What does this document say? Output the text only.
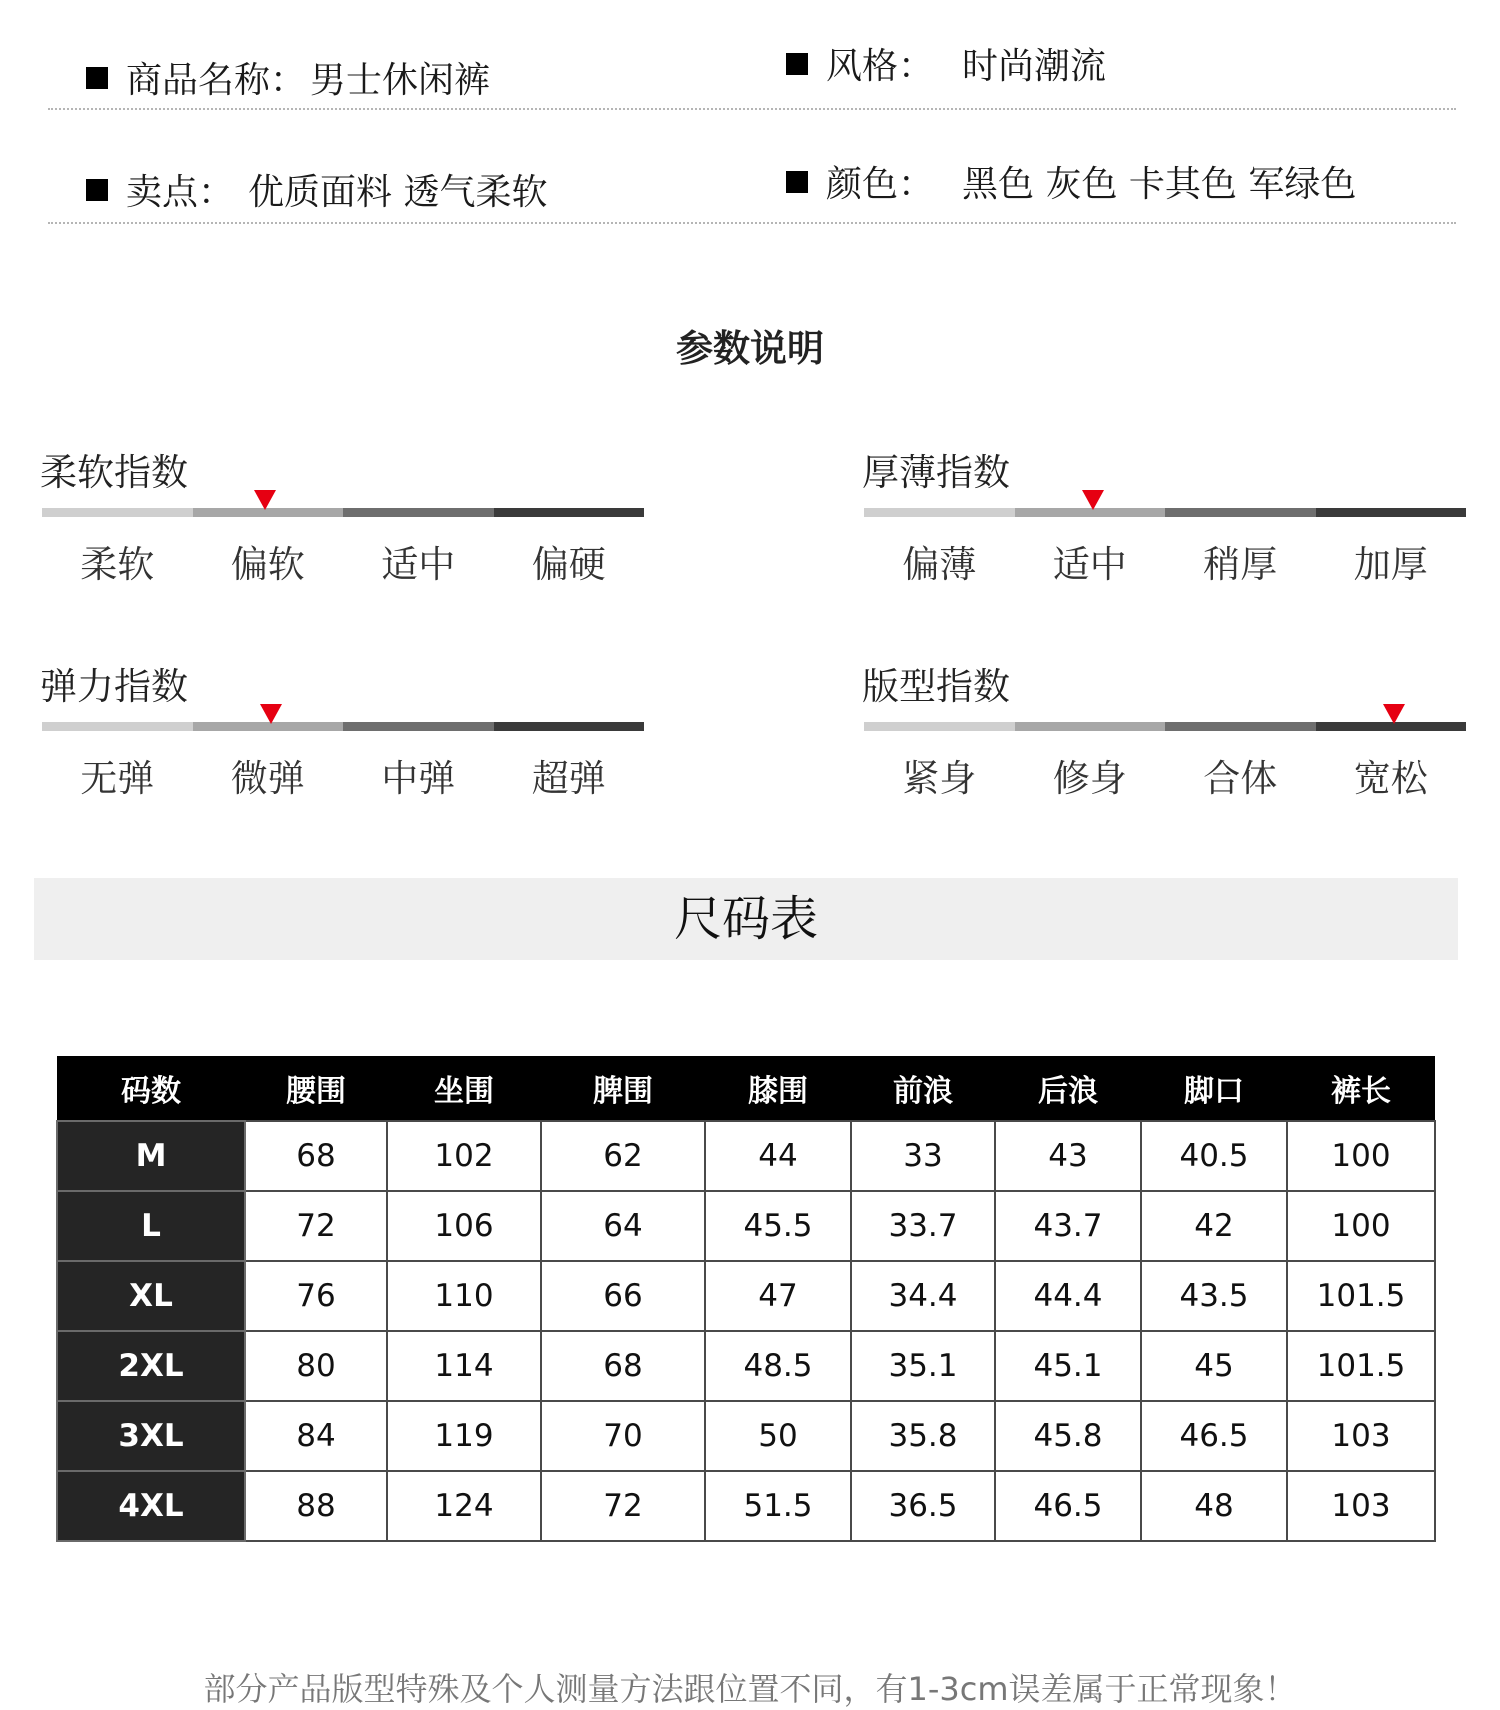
商品名称： 男士休闲裤	风格： 时尚潮流
卖点： 优质面料 透气柔软	颜色： 黑色 灰色 卡其色 军绿色
参数说明
柔软指数
柔软	偏软	适中	偏硬
厚薄指数
偏薄	适中	稍厚	加厚
弹力指数
无弹	微弹	中弹	超弹
版型指数
紧身	修身	合体	宽松
尺码表
码数	腰围	坐围	脾围	膝围	前浪	后浪	脚口	裤长
M	68	102	62	44	33	43	40.5	100
L	72	106	64	45.5	33.7	43.7	42	100
XL	76	110	66	47	34.4	44.4	43.5	101.5
2XL	80	114	68	48.5	35.1	45.1	45	101.5
3XL	84	119	70	50	35.8	45.8	46.5	103
4XL	88	124	72	51.5	36.5	46.5	48	103
部分产品版型特殊及个人测量方法跟位置不同，有1-3cm误差属于正常现象！
